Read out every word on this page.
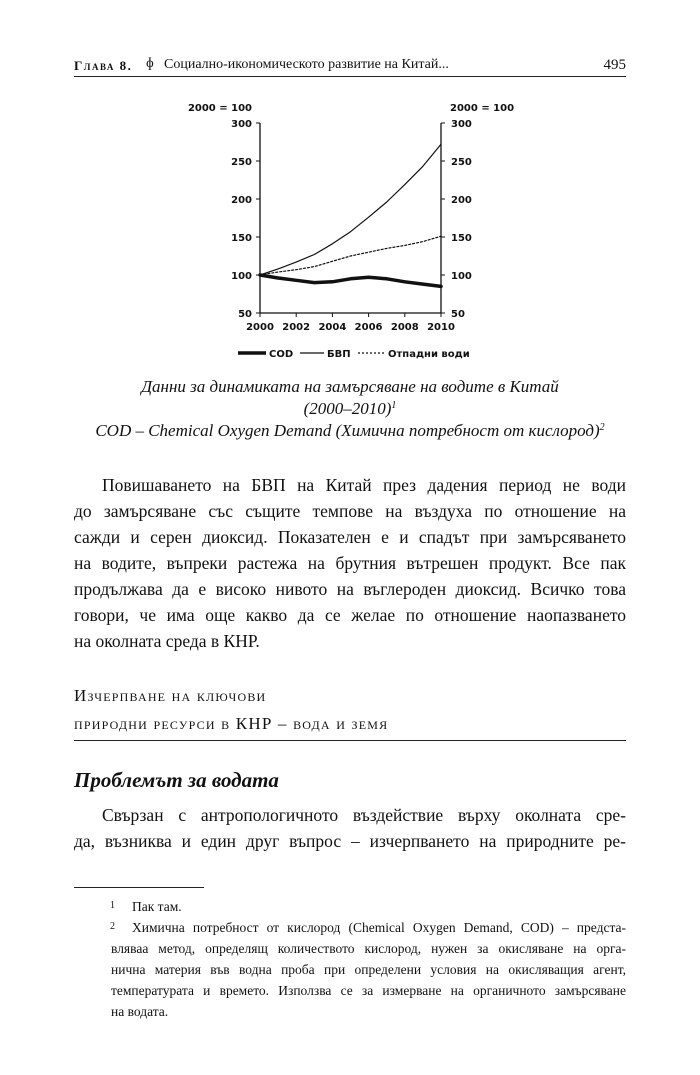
Глава 8. ɸ Социално-икономическото развитие на Китай...	495
2000 = 100	2000 = 100
300
250
200
150
100
50
300
250
200
150
100
50
2000 2002 2004 2006 2008 2010
COD	БВП	Отпадни води
Данни за динамиката на замърсяване на водите в Китай
(2000–2010)$^1$
COD – Chemical Oxygen Demand (Химична потребност от кислород)$^2$
Повишаването на БВП на Китай през дадения период не води
до замърсяване със същите темпове на въздуха по отношение на
сажди и серен диоксид. Показателен е и спадът при замърсяването
на водите, въпреки растежа на брутния вътрешен продукт. Все пак
продължава да е високо нивото на въглероден диоксид. Всичко това
говори, че има още какво да се желае по отношение наопазването
на околната среда в КНР.
Изчерпване на ключови
природни ресурси в КНР – вода и земя
Проблемът за водата
Свързан с антропологичното въздействие върху околната сре-
да, възниква и един друг въпрос – изчерпването на природните ре-
1	Пак там.
2	Химична потребност от кислород (Chemical Oxygen Demand, COD) – предста-
вляваа метод, определящ количеството кислород, нужен за окисляване на орга-
нична материя във водна проба при определени условия на окисляващия агент,
температурата и времето. Използва се за измерване на органичното замърсяване
на водата.
